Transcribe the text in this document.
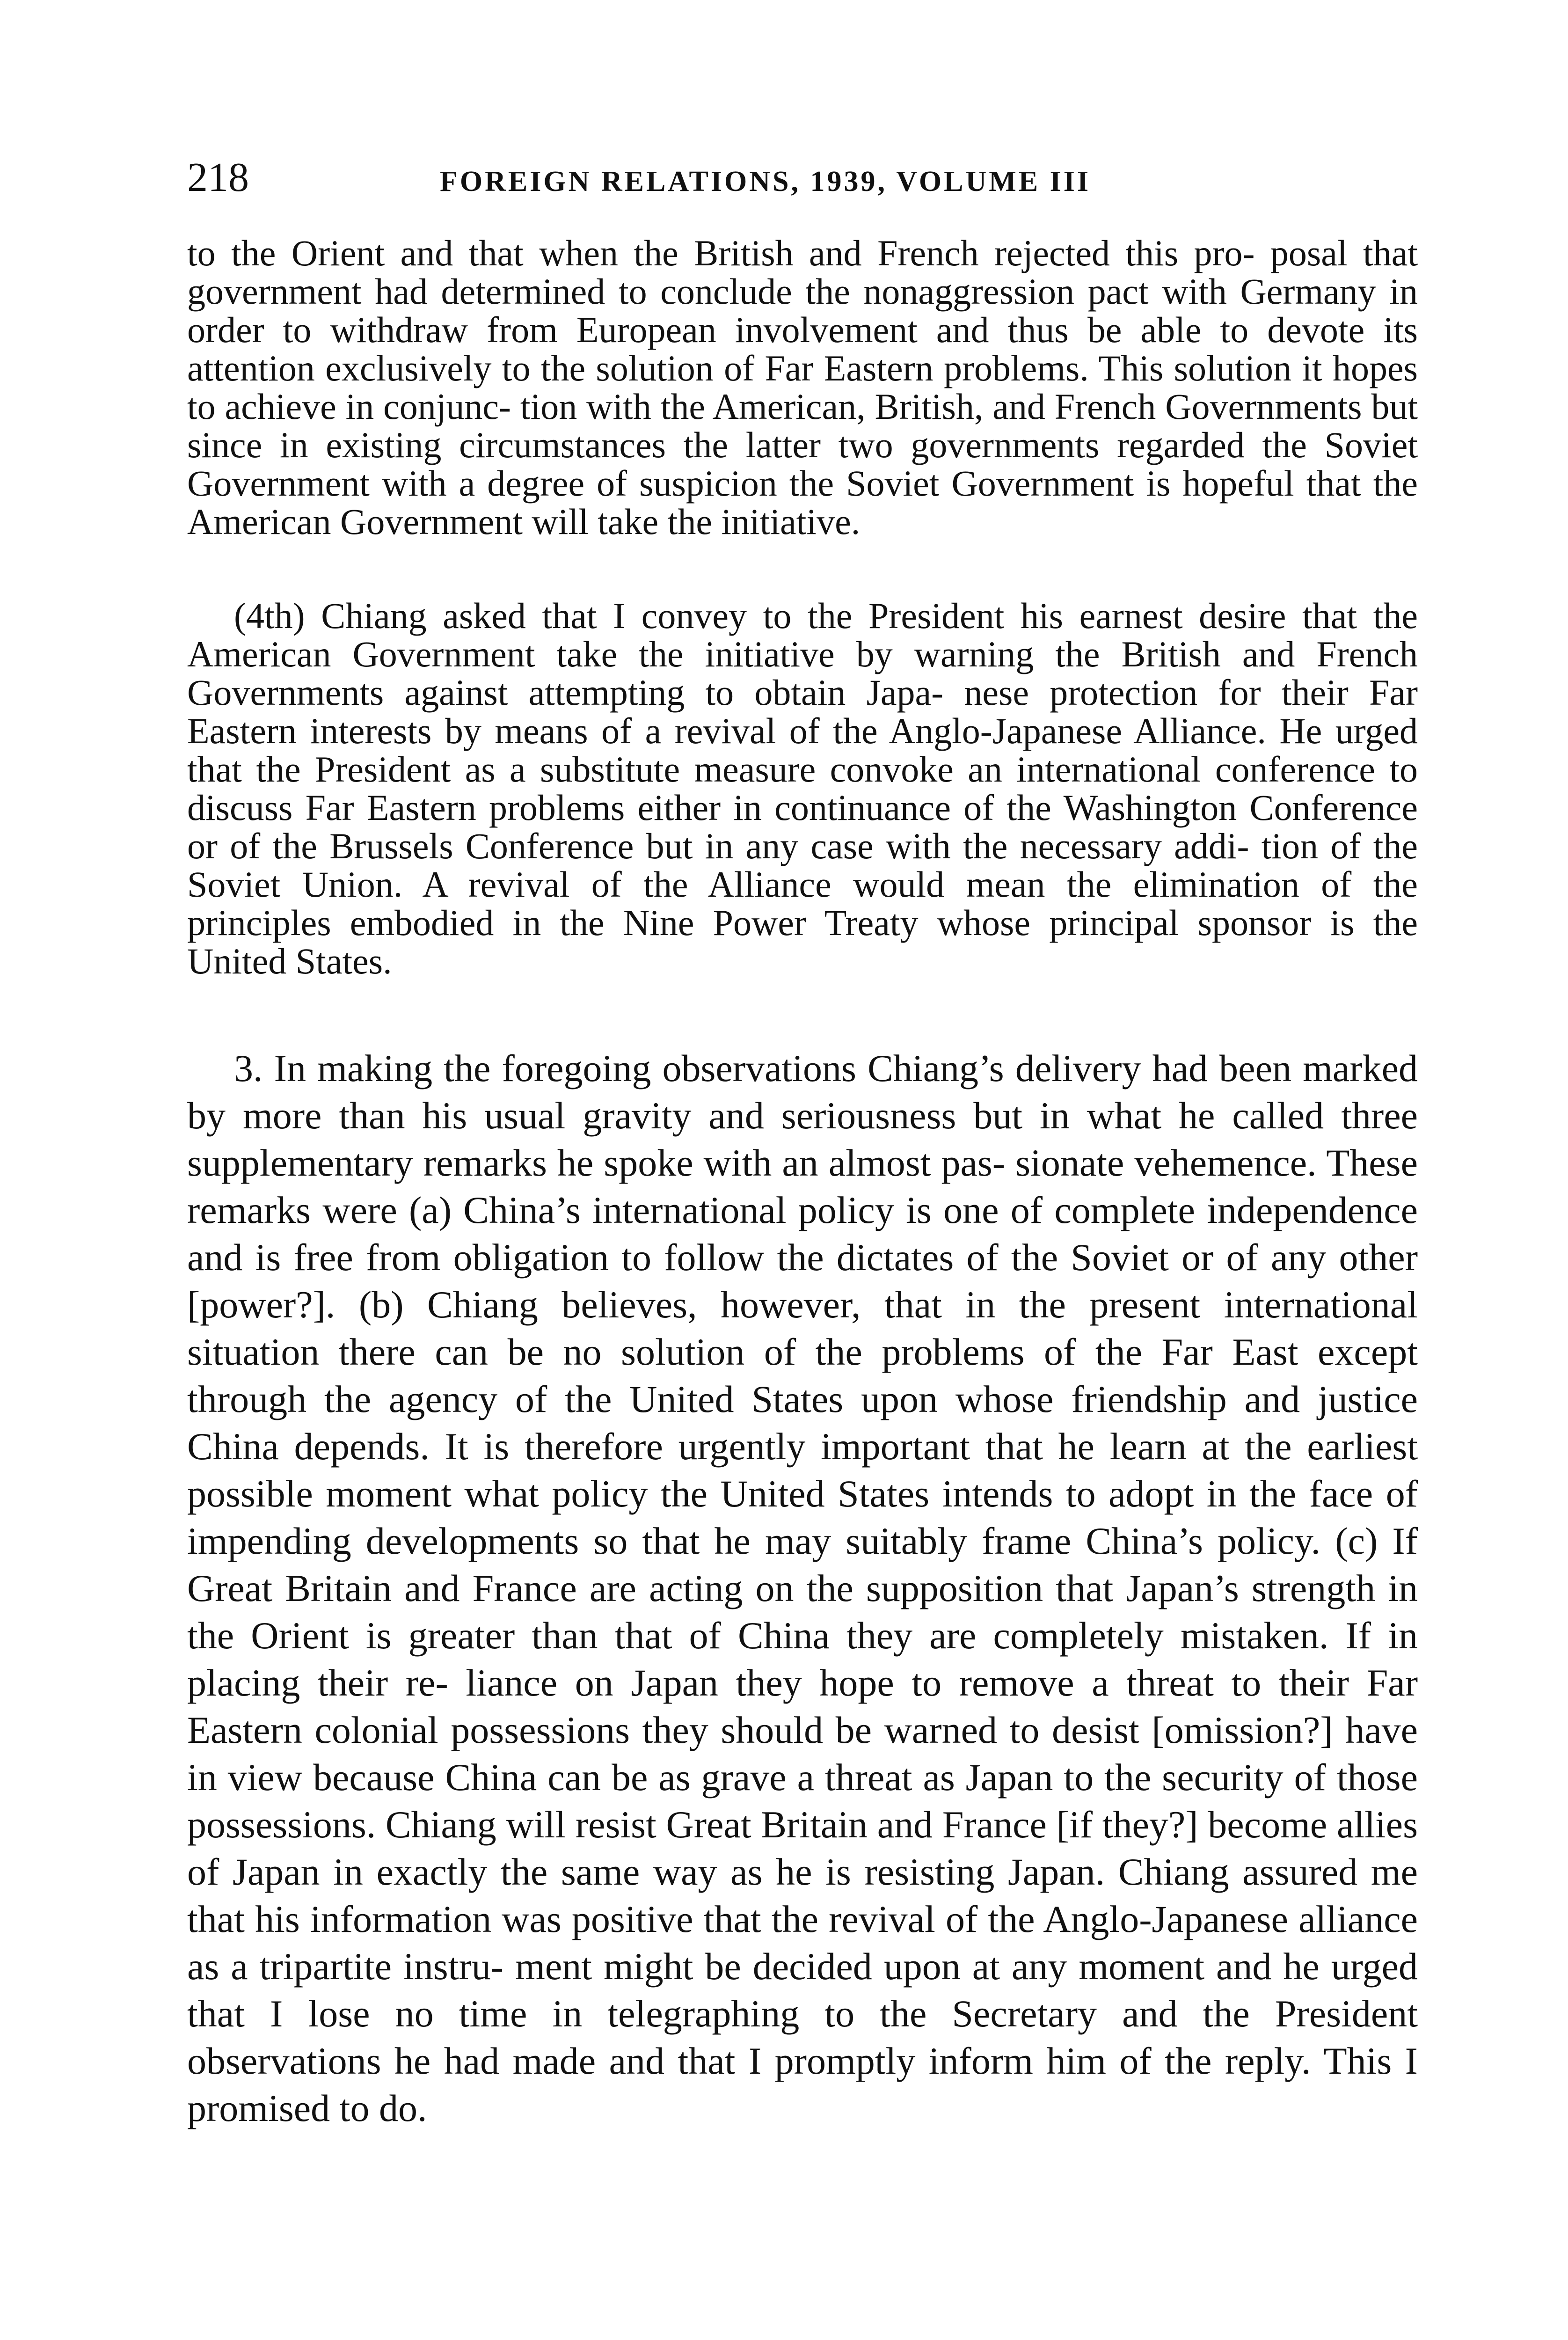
218	FOREIGN RELATIONS, 1939, VOLUME III

to the Orient and that when the British and French rejected this pro- posal that government had determined to conclude the nonaggression pact with Germany in order to withdraw from European involvement and thus be able to devote its attention exclusively to the solution of Far Eastern problems. This solution it hopes to achieve in conjunc- tion with the American, British, and French Governments but since in existing circumstances the latter two governments regarded the Soviet Government with a degree of suspicion the Soviet Government is hopeful that the American Government will take the initiative.

(4th) Chiang asked that I convey to the President his earnest desire that the American Government take the initiative by warning the British and French Governments against attempting to obtain Japa- nese protection for their Far Eastern interests by means of a revival of the Anglo-Japanese Alliance. He urged that the President as a substitute measure convoke an international conference to discuss Far Eastern problems either in continuance of the Washington Conference or of the Brussels Conference but in any case with the necessary addi- tion of the Soviet Union. A revival of the Alliance would mean the elimination of the principles embodied in the Nine Power Treaty whose principal sponsor is the United States.

3. In making the foregoing observations Chiang’s delivery had been marked by more than his usual gravity and seriousness but in what he called three supplementary remarks he spoke with an almost pas- sionate vehemence. These remarks were (a) China’s international policy is one of complete independence and is free from obligation to follow the dictates of the Soviet or of any other [power?]. (b) Chiang believes, however, that in the present international situation there can be no solution of the problems of the Far East except through the agency of the United States upon whose friendship and justice China depends. It is therefore urgently important that he learn at the earliest possible moment what policy the United States intends to adopt in the face of impending developments so that he may suitably frame China’s policy. (c) If Great Britain and France are acting on the supposition that Japan’s strength in the Orient is greater than that of China they are completely mistaken. If in placing their re- liance on Japan they hope to remove a threat to their Far Eastern colonial possessions they should be warned to desist [omission?] have in view because China can be as grave a threat as Japan to the security of those possessions. Chiang will resist Great Britain and France [if they?] become allies of Japan in exactly the same way as he is resisting Japan. Chiang assured me that his information was positive that the revival of the Anglo-Japanese alliance as a tripartite instru- ment might be decided upon at any moment and he urged that I lose no time in telegraphing to the Secretary and the President observations he had made and that I promptly inform him of the reply. This I promised to do.
